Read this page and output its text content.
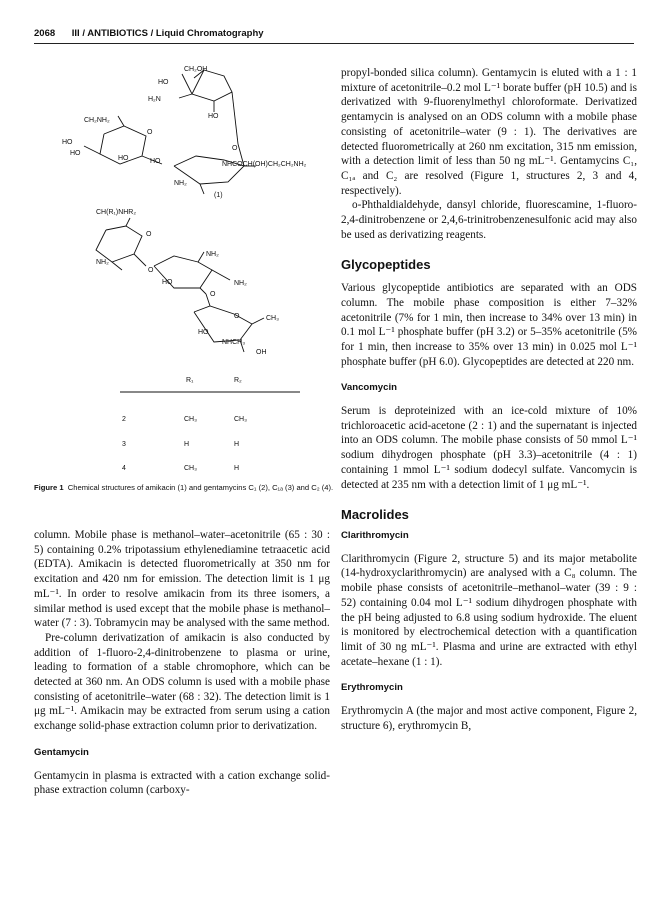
2068 III / ANTIBIOTICS / Liquid Chromatography
CH₂OH
HO
H₂N
HO
CH₂NH₂
O
HO
HO
HO	HO
O
NHCOCH(OH)CH₂CH₂NH₂
NH₂
(1)
CH(R₁)NHR₂
O
NH₂
O
NH₂
HO	NH₂
O
O	CH₃
HO
NHCH₃
OH
R₁	R₂
2	CH₃	CH₃
3	H	H
4	CH₃	H
Figure 1 Chemical structures of amikacin (1) and gentamycins C₁ (2), C₁ₐ (3) and C₂ (4).

column. Mobile phase is methanol–water–acetonitrile (65 : 30 : 5) containing 0.2% tripotassium ethylenediamine tetraacetic acid (EDTA). Amikacin is detected fluorometrically at 350 nm for excitation and 420 nm for emission. The detection limit is 1 μg mL⁻¹. In order to resolve amikacin from its three isomers, a similar method is used except that the mobile phase is methanol–water (7 : 3). Tobramycin may be analysed with the same method.

Pre-column derivatization of amikacin is also conducted by addition of 1-fluoro-2,4-dinitrobenzene to plasma or urine, leading to formation of a stable chromophore, which can be detected at 360 nm. An ODS column is used with a mobile phase consisting of acetonitrile–water (68 : 32). The detection limit is 1 μg mL⁻¹. Amikacin may be extracted from serum using a cation exchange solid-phase extraction column prior to derivatization.

Gentamycin

Gentamycin in plasma is extracted with a cation exchange solid-phase extraction column (carboxy-

propyl-bonded silica column). Gentamycin is eluted with a 1 : 1 mixture of acetonitrile–0.2 mol L⁻¹ borate buffer (pH 10.5) and is derivatized with 9-fluorenylmethyl chloroformate. Derivatized gentamycin is analysed on an ODS column with a mobile phase consisting of acetonitrile–water (9 : 1). The derivatives are detected fluorometrically at 260 nm excitation, 315 nm emission, with a detection limit of less than 50 ng mL⁻¹. Gentamycins C₁, C₁ₐ and C₂ are resolved (Figure 1, structures 2, 3 and 4, respectively).

o-Phthaldialdehyde, dansyl chloride, fluorescamine, 1-fluoro-2,4-dinitrobenzene or 2,4,6-trinitrobenzenesulfonic acid may also be used as derivatizing reagents.

Glycopeptides

Various glycopeptide antibiotics are separated with an ODS column. The mobile phase composition is either 7–32% acetonitrile (7% for 1 min, then increase to 34% over 13 min) in 0.1 mol L⁻¹ phosphate buffer (pH 3.2) or 5–35% acetonitrile (5% for 1 min, then increase to 35% over 13 min) in 0.025 mol L⁻¹ phosphate buffer (pH 6.0). Glycopeptides are detected at 220 nm.

Vancomycin

Serum is deproteinized with an ice-cold mixture of 10% trichloroacetic acid-acetone (2 : 1) and the supernatant is injected into an ODS column. The mobile phase consists of 50 mmol L⁻¹ sodium dihydrogen phosphate (pH 3.3)–acetonitrile (4 : 1) containing 1 mmol L⁻¹ sodium dodecyl sulfate. Vancomycin is detected at 235 nm with a detection limit of 1 μg mL⁻¹.

Macrolides
Clarithromycin

Clarithromycin (Figure 2, structure 5) and its major metabolite (14-hydroxyclarithromycin) are analysed with a C₈ column. The mobile phase consists of acetonitrile–methanol–water (39 : 9 : 52) containing 0.04 mol L⁻¹ sodium dihydrogen phosphate with the pH being adjusted to 6.8 using sodium hydroxide. The eluent is monitored by electrochemical detection with a quantification limit of 30 ng mL⁻¹. Plasma and urine are extracted with ethyl acetate–hexane (1 : 1).

Erythromycin

Erythromycin A (the major and most active component, Figure 2, structure 6), erythromycin B,
